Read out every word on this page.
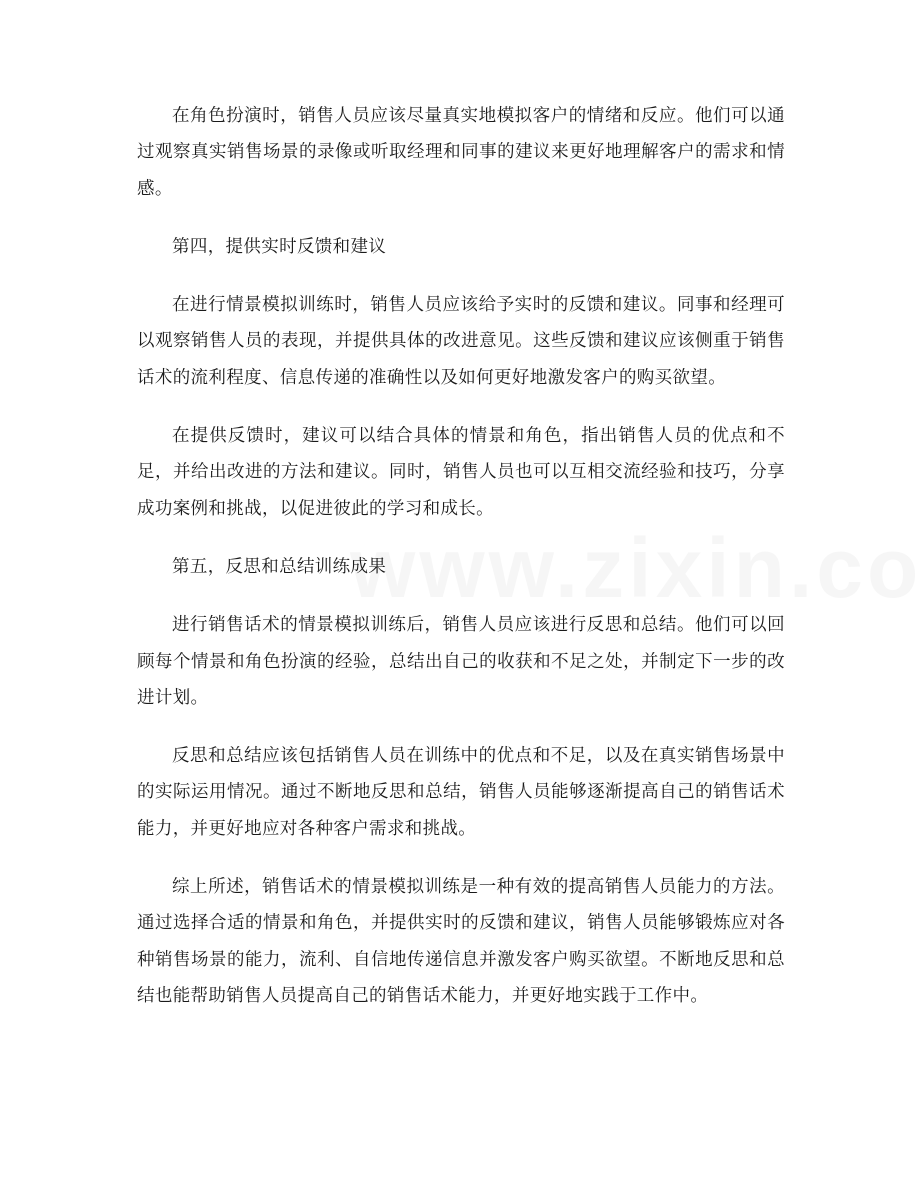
在角色扮演时，销售人员应该尽量真实地模拟客户的情绪和反应。他们可以通过观察真实销售场景的录像或听取经理和同事的建议来更好地理解客户的需求和情感。

第四，提供实时反馈和建议

在进行情景模拟训练时，销售人员应该给予实时的反馈和建议。同事和经理可以观察销售人员的表现，并提供具体的改进意见。这些反馈和建议应该侧重于销售话术的流利程度、信息传递的准确性以及如何更好地激发客户的购买欲望。

在提供反馈时，建议可以结合具体的情景和角色，指出销售人员的优点和不足，并给出改进的方法和建议。同时，销售人员也可以互相交流经验和技巧，分享成功案例和挑战，以促进彼此的学习和成长。

第五，反思和总结训练成果

进行销售话术的情景模拟训练后，销售人员应该进行反思和总结。他们可以回顾每个情景和角色扮演的经验，总结出自己的收获和不足之处，并制定下一步的改进计划。

反思和总结应该包括销售人员在训练中的优点和不足，以及在真实销售场景中的实际运用情况。通过不断地反思和总结，销售人员能够逐渐提高自己的销售话术能力，并更好地应对各种客户需求和挑战。

综上所述，销售话术的情景模拟训练是一种有效的提高销售人员能力的方法。通过选择合适的情景和角色，并提供实时的反馈和建议，销售人员能够锻炼应对各种销售场景的能力，流利、自信地传递信息并激发客户购买欲望。不断地反思和总结也能帮助销售人员提高自己的销售话术能力，并更好地实践于工作中。
